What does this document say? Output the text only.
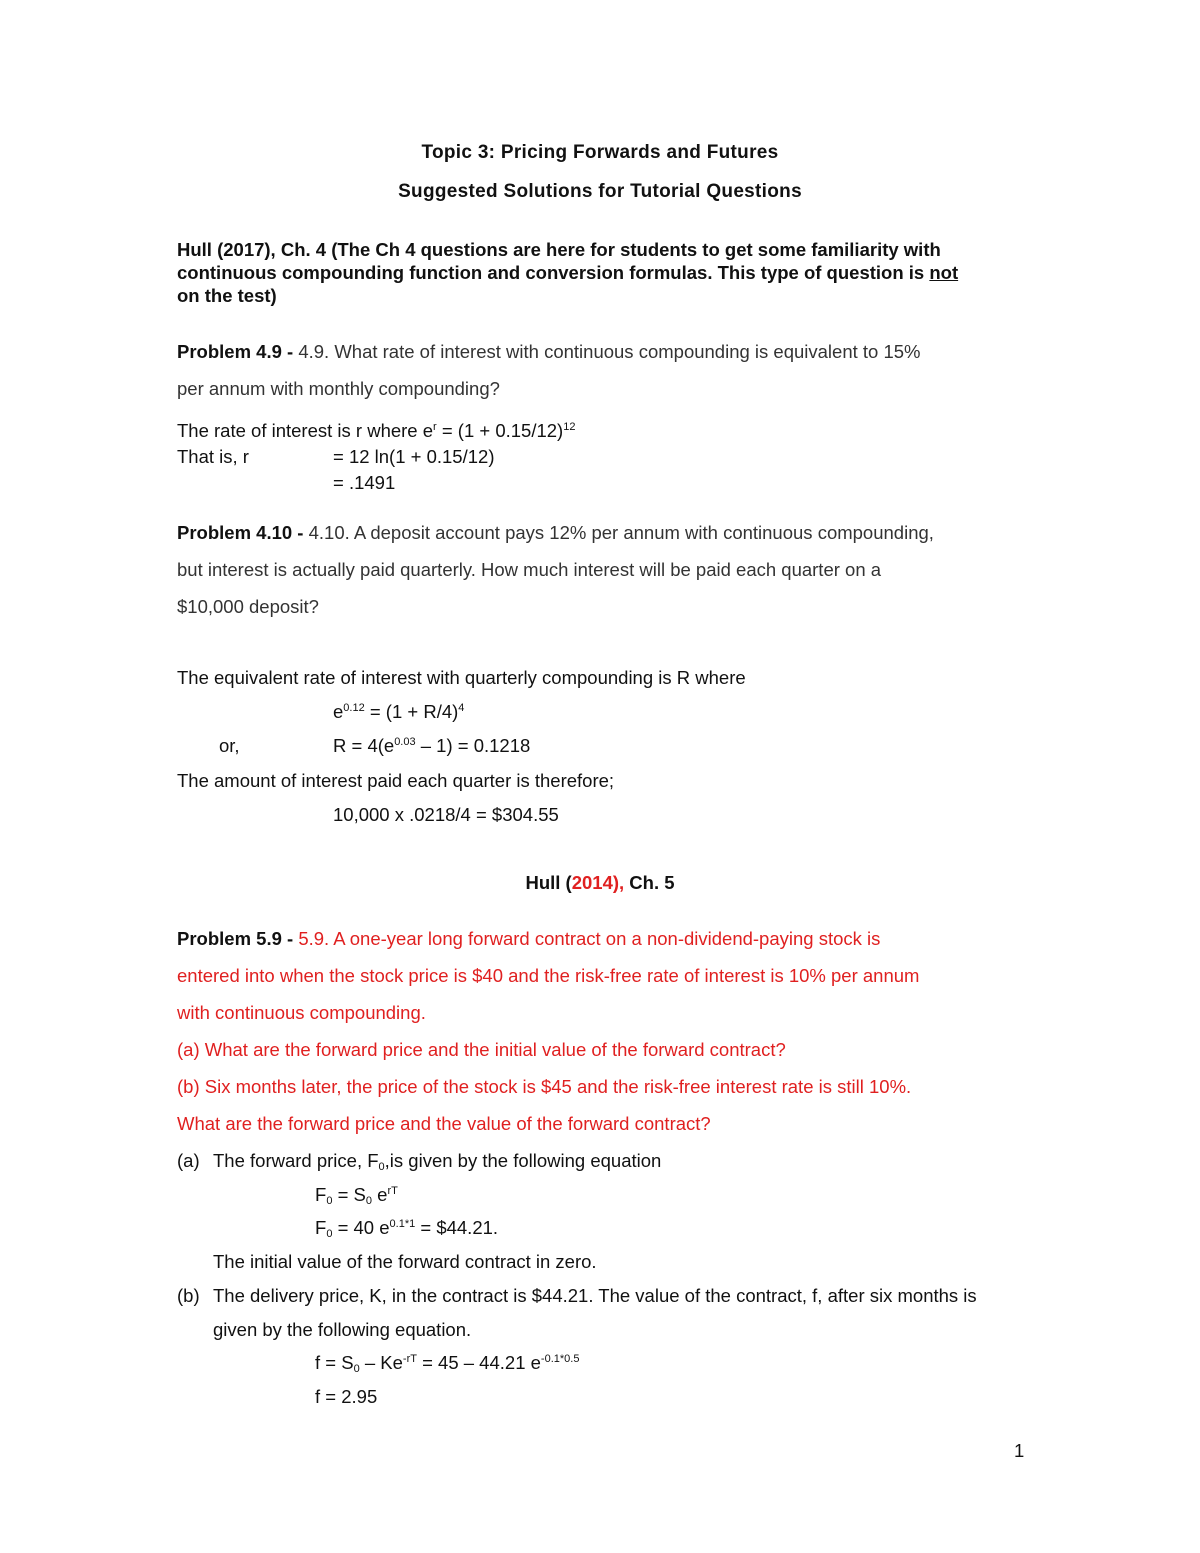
Topic 3: Pricing Forwards and Futures
Suggested Solutions for Tutorial Questions
Hull (2017), Ch. 4 (The Ch 4 questions are here for students to get some familiarity with
continuous compounding function and conversion formulas. This type of question is not
on the test)
Problem 4.9 - 4.9. What rate of interest with continuous compounding is equivalent to 15%
per annum with monthly compounding?
The rate of interest is r where $e^r = (1 + 0.15/12)^{12}$
That is, r	= 12 ln(1 + 0.15/12)
= .1491
Problem 4.10 - 4.10. A deposit account pays 12% per annum with continuous compounding,
but interest is actually paid quarterly. How much interest will be paid each quarter on a
$10,000 deposit?
The equivalent rate of interest with quarterly compounding is R where
$e^{0.12} = (1 + R/4)^4$
or,	$R = 4(e^{0.03} - 1) = 0.1218$
The amount of interest paid each quarter is therefore;
10,000 x .0218/4 = $304.55
Hull (2014), Ch. 5
Problem 5.9 - 5.9. A one-year long forward contract on a non-dividend-paying stock is
entered into when the stock price is $40 and the risk-free rate of interest is 10% per annum
with continuous compounding.
(a) What are the forward price and the initial value of the forward contract?
(b) Six months later, the price of the stock is $45 and the risk-free interest rate is still 10%.
What are the forward price and the value of the forward contract?
(a) The forward price, $F_0,is$ given by the following equation
$F_0 = S_0$ $e^{rT}$
$F_0 = 40$ $e^{0.1*1}$ = $44.21.
The initial value of the forward contract in zero.
(b) The delivery price, K, in the contract is $44.21. The value of the contract, f, after six months is
given by the following equation.
$f = S_0 - Ke^{-rT} = 45 - 44.21$ $e^{-0.1*0.5}$
f = 2.95
1
